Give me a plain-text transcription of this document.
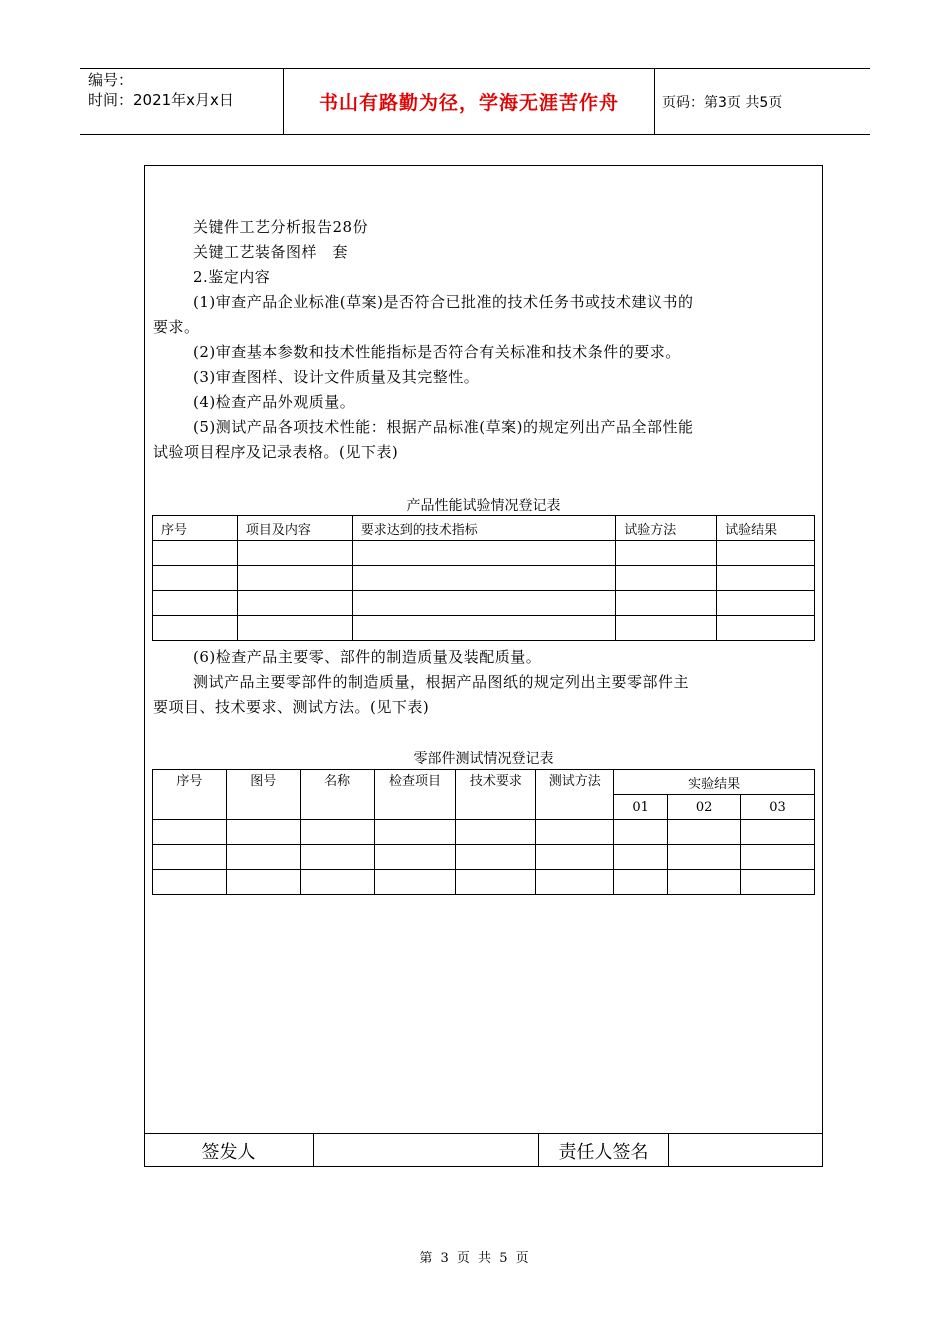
编号：
时间：2021年x月x日	书山有路勤为径，学海无涯苦作舟	页码：第3页 共5页

关键件工艺分析报告28份

关键工艺装备图样　套

2.鉴定内容

(1)审查产品企业标准(草案)是否符合已批准的技术任务书或技术建议书的

要求。

(2)审查基本参数和技术性能指标是否符合有关标准和技术条件的要求。

(3)审查图样、设计文件质量及其完整性。

(4)检查产品外观质量。

(5)测试产品各项技术性能：根据产品标准(草案)的规定列出产品全部性能

试验项目程序及记录表格。(见下表)

产品性能试验情况登记表
序号	项目及内容	要求达到的技术指标	试验方法	试验结果

(6)检查产品主要零、部件的制造质量及装配质量。

测试产品主要零部件的制造质量，根据产品图纸的规定列出主要零部件主

要项目、技术要求、测试方法。(见下表)

零部件测试情况登记表
序号	图号	名称	检查项目	技术要求	测试方法	实验结果		
						01	02	03

签发人	责任人签名
第 3 页 共 5 页
